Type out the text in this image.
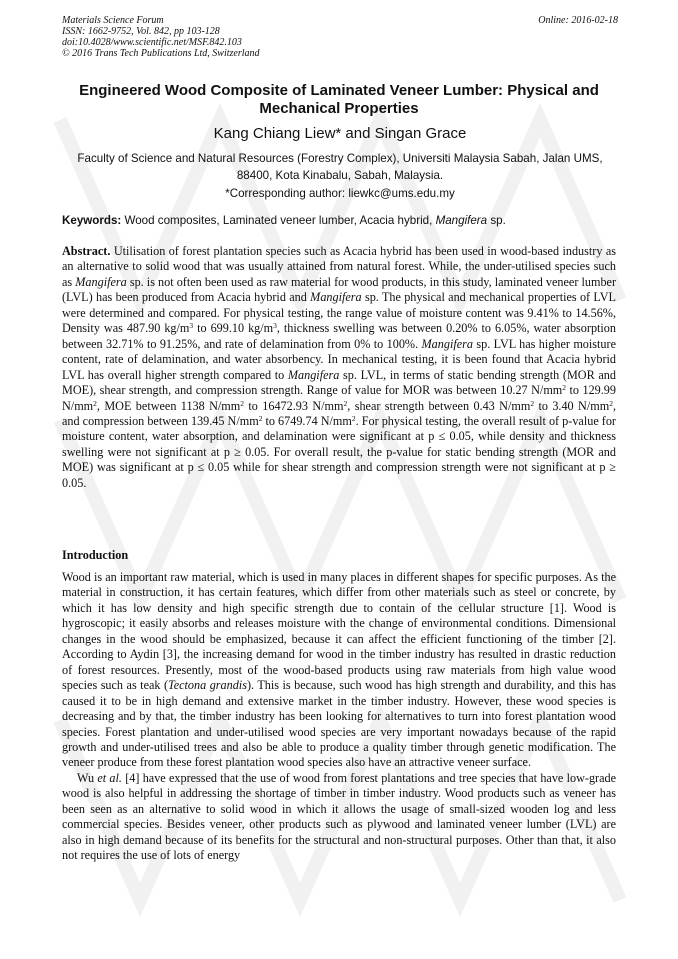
Materials Science Forum
ISSN: 1662-9752, Vol. 842, pp 103-128
doi:10.4028/www.scientific.net/MSF.842.103
© 2016 Trans Tech Publications Ltd, Switzerland
Online: 2016-02-18
Engineered Wood Composite of Laminated Veneer Lumber: Physical and Mechanical Properties
Kang Chiang Liew* and Singan Grace
Faculty of Science and Natural Resources (Forestry Complex), Universiti Malaysia Sabah, Jalan UMS, 88400, Kota Kinabalu, Sabah, Malaysia.
*Corresponding author: liewkc@ums.edu.my
Keywords: Wood composites, Laminated veneer lumber, Acacia hybrid, Mangifera sp.

Abstract. Utilisation of forest plantation species such as Acacia hybrid has been used in wood-based industry as an alternative to solid wood that was usually attained from natural forest. While, the under-utilised species such as Mangifera sp. is not often been used as raw material for wood products, in this study, laminated veneer lumber (LVL) has been produced from Acacia hybrid and Mangifera sp. The physical and mechanical properties of LVL were determined and compared. For physical testing, the range value of moisture content was 9.41% to 14.56%, Density was 487.90 $kg/m^3$ to 699.10 $kg/m^3$, thickness swelling was between 0.20% to 6.05%, water absorption between 32.71% to 91.25%, and rate of delamination from 0% to 100%. Mangifera sp. LVL has higher moisture content, rate of delamination, and water absorbency. In mechanical testing, it is been found that Acacia hybrid LVL has overall higher strength compared to Mangifera sp. LVL, in terms of static bending strength (MOR and MOE), shear strength, and compression strength. Range of value for MOR was between 10.27 $N/mm^2$ to 129.99 $N/mm^2$, MOE between 1138 $N/mm^2$ to 16472.93 $N/mm^2$, shear strength between 0.43 $N/mm^2$ to 3.40 $N/mm^2$, and compression between 139.45 $N/mm^2$ to 6749.74 $N/mm^2$. For physical testing, the overall result of p-value for moisture content, water absorption, and delamination were significant at p ≤ 0.05, while density and thickness swelling were not significant at p ≥ 0.05. For overall result, the p-value for static bending strength (MOR and MOE) was significant at p ≤ 0.05 while for shear strength and compression strength were not significant at p ≥ 0.05.

Introduction

Wood is an important raw material, which is used in many places in different shapes for specific purposes. As the material in construction, it has certain features, which differ from other materials such as steel or concrete, by which it has low density and high specific strength due to contain of the cellular structure [1]. Wood is hygroscopic; it easily absorbs and releases moisture with the change of environmental conditions. Dimensional changes in the wood should be emphasized, because it can affect the efficient functioning of the timber [2]. According to Aydin [3], the increasing demand for wood in the timber industry has resulted in drastic reduction of forest resources. Presently, most of the wood-based products using raw materials from high value wood species such as teak (Tectona grandis). This is because, such wood has high strength and durability, and this has caused it to be in high demand and extensive market in the timber industry. However, these wood species is decreasing and by that, the timber industry has been looking for alternatives to turn into forest plantation wood species. Forest plantation and under-utilised wood species are very important nowadays because of the rapid growth and under-utilised trees and also be able to produce a quality timber through genetic modification. The veneer produce from these forest plantation wood species also have an attractive veneer surface.

Wu et al. [4] have expressed that the use of wood from forest plantations and tree species that have low-grade wood is also helpful in addressing the shortage of timber in timber industry. Wood products such as veneer has been seen as an alternative to solid wood in which it allows the usage of small-sized wooden log and less commercial species. Besides veneer, other products such as plywood and laminated veneer lumber (LVL) are also in high demand because of its benefits for the structural and non-structural purposes. Other than that, it also not requires the use of lots of energy
